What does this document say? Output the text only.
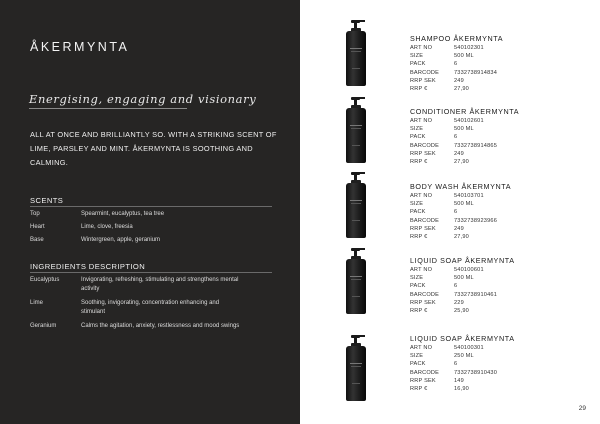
ÅKERMYNTA
Energising, engaging and visionary
ALL AT ONCE AND BRILLIANTLY SO. WITH A STRIKING SCENT OF LIME, PARSLEY AND MINT. ÅKERMYNTA IS SOOTHING AND CALMING.
SCENTS
Top	Spearmint, eucalyptus, tea tree
Heart	Lime, clove, freesia
Base	Wintergreen, apple, geranium
INGREDIENTS DESCRIPTION
Eucalyptus	Invigorating, refreshing, stimulating and strengthens mental activity
Lime	Soothing, invigorating, concentration enhancing and stimulant
Geranium	Calms the agitation, anxiety, restlessness and mood swings
SHAMPOO ÅKERMYNTA
ART NO	540102301
SIZE	500 ML
PACK	6
BARCODE	7332738914834
RRP SEK	249
RRP €	27,90
CONDITIONER ÅKERMYNTA
ART NO	540102601
SIZE	500 ML
PACK	6
BARCODE	7332738914865
RRP SEK	249
RRP €	27,90
BODY WASH ÅKERMYNTA
ART NO	540103701
SIZE	500 ML
PACK	6
BARCODE	7332738923966
RRP SEK	249
RRP €	27,90
LIQUID SOAP ÅKERMYNTA
ART NO	540100601
SIZE	500 ML
PACK	6
BARCODE	7332738910461
RRP SEK	229
RRP €	25,90
LIQUID SOAP ÅKERMYNTA
ART NO	540100301
SIZE	250 ML
PACK	6
BARCODE	7332738910430
RRP SEK	149
RRP €	16,90
29
